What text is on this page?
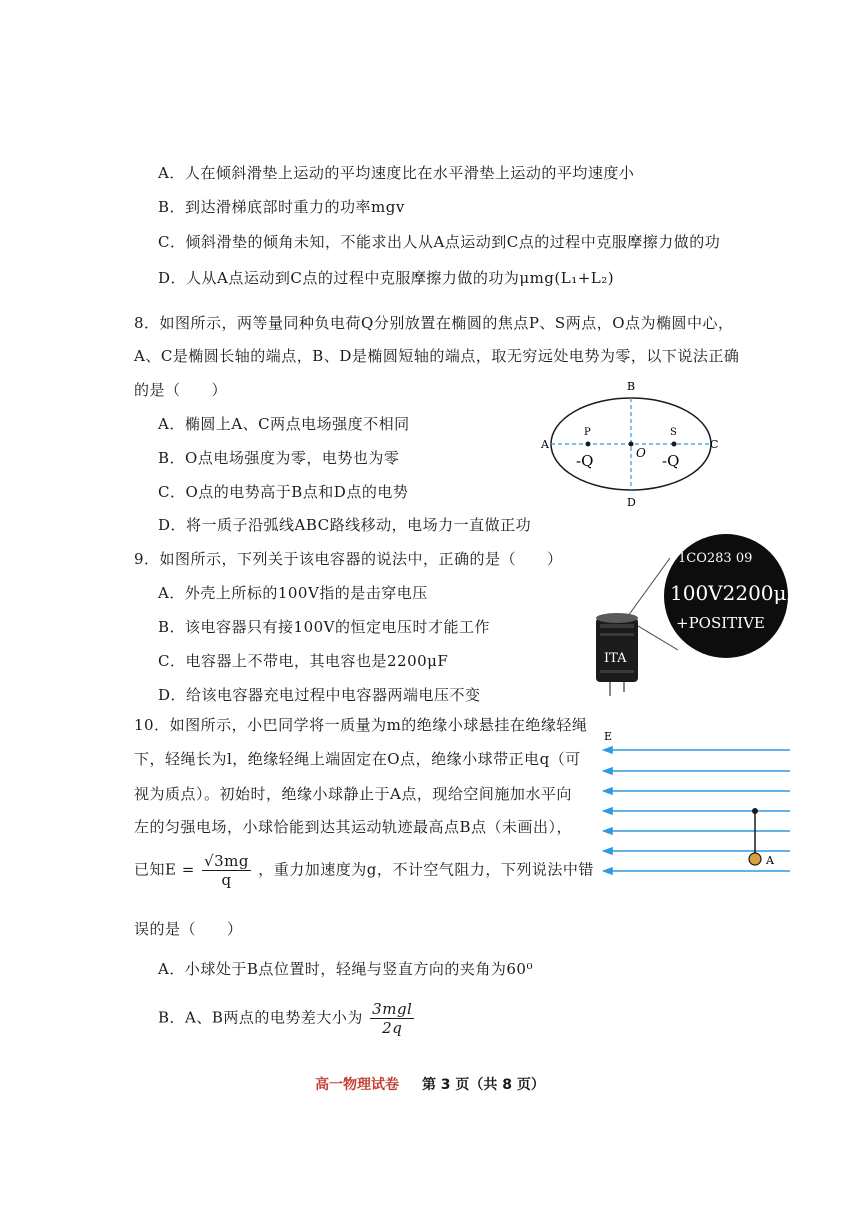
A．人在倾斜滑垫上运动的平均速度比在水平滑垫上运动的平均速度小
B．到达滑梯底部时重力的功率mgv
C．倾斜滑垫的倾角未知，不能求出人从A点运动到C点的过程中克服摩擦力做的功
D．人从A点运动到C点的过程中克服摩擦力做的功为μmg(L₁+L₂)
8．如图所示，两等量同种负电荷Q分别放置在椭圆的焦点P、S两点，O点为椭圆中心，
A、C是椭圆长轴的端点，B、D是椭圆短轴的端点，取无穷远处电势为零，以下说法正确
的是（　　）
A．椭圆上A、C两点电场强度不相同
B．O点电场强度为零，电势也为零
C．O点的电势高于B点和D点的电势
D．将一质子沿弧线ABC路线移动，电场力一直做正功
B
D
A	C
P	S
O
-Q	-Q
9．如图所示，下列关于该电容器的说法中，正确的是（　　）
A．外壳上所标的100V指的是击穿电压
B．该电容器只有接100V的恒定电压时才能工作
C．电容器上不带电，其电容也是2200μF
D．给该电容器充电过程中电容器两端电压不变
1CO283 09
100V2200μF
+POSITIVE
ITA
10．如图所示，小巴同学将一质量为m的绝缘小球悬挂在绝缘轻绳
下，轻绳长为l，绝缘轻绳上端固定在O点，绝缘小球带正电q（可
视为质点）。初始时，绝缘小球静止于A点，现给空间施加水平向
左的匀强电场，小球恰能到达其运动轨迹最高点B点（未画出），
已知$E = \frac{√3mg}{q}$ ，重力加速度为g，不计空气阻力，下列说法中错
误的是（　　）
A．小球处于B点位置时，轻绳与竖直方向的夹角为60⁰
B．A、B两点的电势差大小为 $\frac{\text{3mgl}}{2q}$
E
A
高一物理试卷 第 3 页（共 8 页）
